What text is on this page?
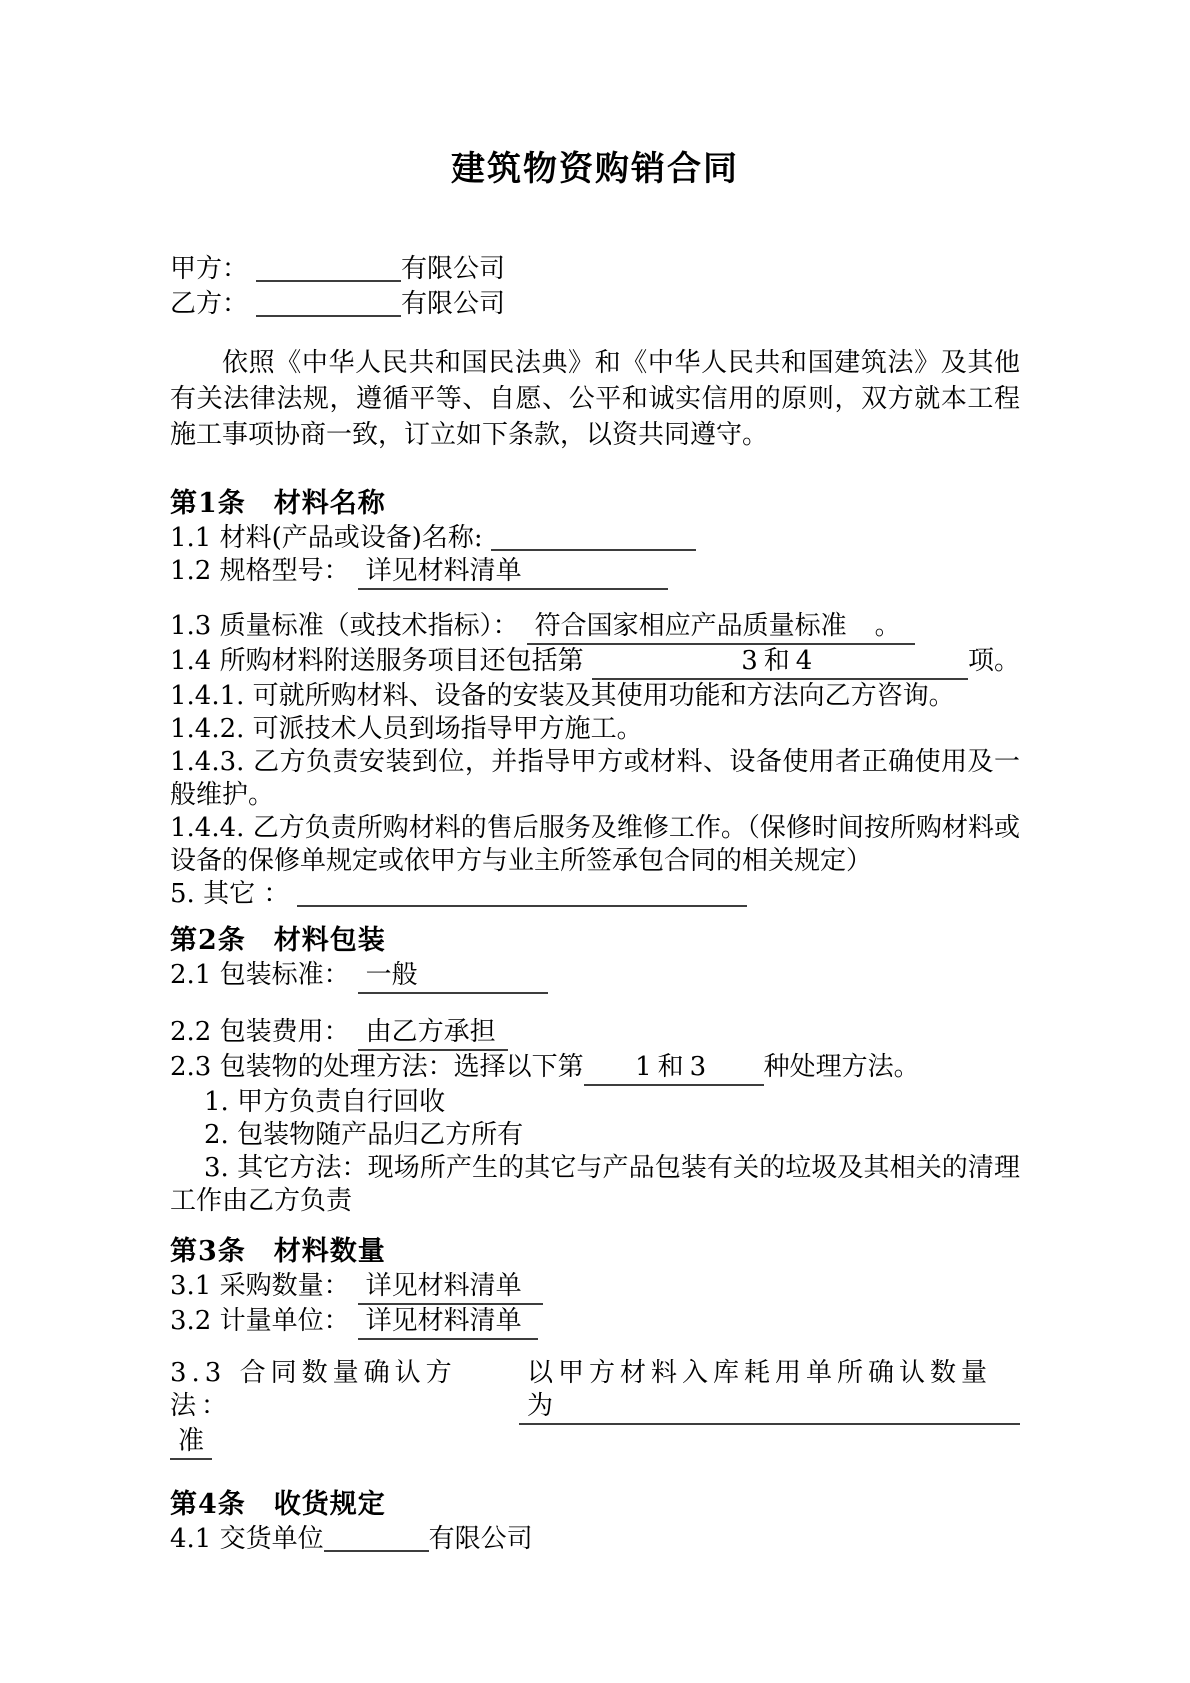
建筑物资购销合同

甲方：	有限公司

乙方：	有限公司

依照《中华人民共和国民法典》和《中华人民共和国建筑法》及其他有关法律法规，遵循平等、自愿、公平和诚实信用的原则，双方就本工程施工事项协商一致，订立如下条款，以资共同遵守。

第1条　材料名称

1.1 材料(产品或设备)名称:

1.2 规格型号： 详见材料清单

1.3 质量标准（或技术指标）： 符合国家相应产品质量标准 。

1.4 所购材料附送服务项目还包括第	3和4	项。

1.4.1. 可就所购材料、设备的安装及其使用功能和方法向乙方咨询。

1.4.2. 可派技术人员到场指导甲方施工。

1.4.3. 乙方负责安装到位，并指导甲方或材料、设备使用者正确使用及一般维护。

1.4.4. 乙方负责所购材料的售后服务及维修工作。（保修时间按所购材料或设备的保修单规定或依甲方与业主所签承包合同的相关规定）

5. 其它 ：

第2条　材料包装

2.1 包装标准： 一般

2.2 包装费用： 由乙方承担

2.3 包装物的处理方法：选择以下第 1和3 种处理方法。

1. 甲方负责自行回收

2. 包装物随产品归乙方所有

3. 其它方法：现场所产生的其它与产品包装有关的垃圾及其相关的清理工作由乙方负责

第3条　材料数量

3.1 采购数量： 详见材料清单

3.2 计量单位： 详见材料清单

3.3 合同数量确认方法：
以甲方材料入库耗用单所确认数量为

准

第4条　收货规定

4.1 交货单位	有限公司
